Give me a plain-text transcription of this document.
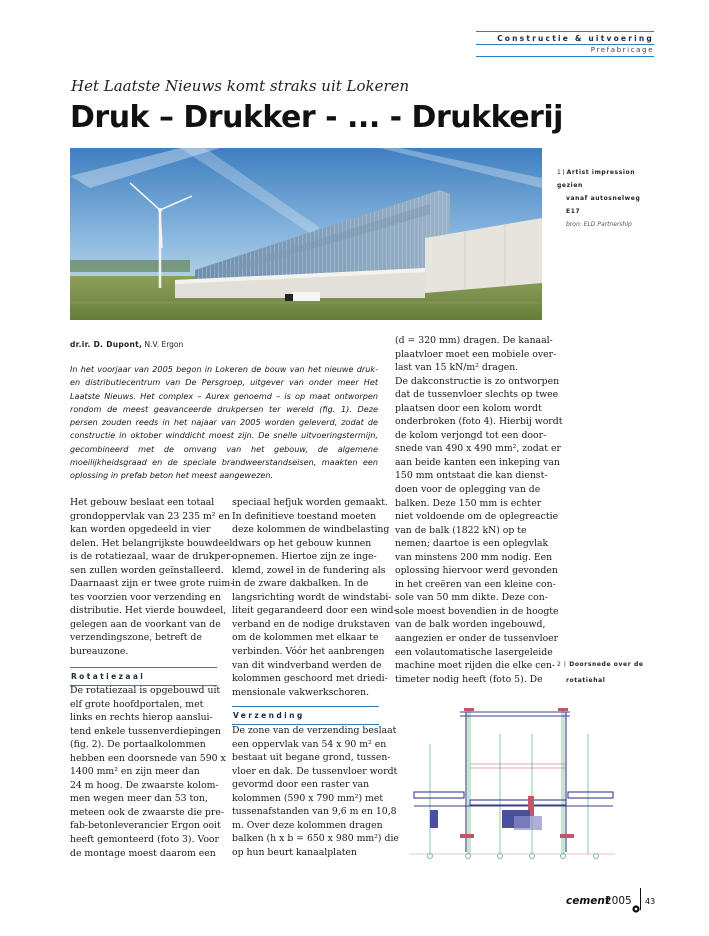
Constructie & uitvoering
Prefabricage
Het Laatste Nieuws komt straks uit Lokeren
Druk – Drukker - ... - Drukkerij
1 | Artist impression gezien
vanaf autosnelweg E17
bron: ELD Partnership
dr.ir. D. Dupont, N.V. Ergon
In het voorjaar van 2005 begon in Lokeren de bouw van het nieuwe druk- en distributiecentrum van De Persgroep, uitgever van onder meer Het Laatste Nieuws. Het complex – Aurex genoemd – is op maat ontworpen rondom de meest geavanceerde drukpersen ter wereld (fig. 1). Deze persen zouden reeds in het najaar van 2005 worden geleverd, zodat de constructie in oktober winddicht moest zijn. De snelle uitvoeringstermijn, gecombineerd met de omvang van het gebouw, de algemene moeilijkheidsgraad en de speciale brandweerstandseisen, maakten een oplossing in prefab beton het meest aangewezen.

Het gebouw beslaat een totaal

grondoppervlak van 23 235 m² en

kan worden opgedeeld in vier

delen. Het belangrijkste bouwdeel

is de rotatiezaal, waar de drukper-

sen zullen worden geïnstalleerd.

Daarnaast zijn er twee grote ruim-

tes voorzien voor verzending en

distributie. Het vierde bouwdeel,

gelegen aan de voorkant van de

verzendingszone, betreft de

bureauzone.

Rotatiezaal

De rotatiezaal is opgebouwd uit

elf grote hoofdportalen, met

links en rechts hierop aanslui-

tend enkele tussenverdiepingen

(fig. 2). De portaalkolommen

hebben een doorsnede van 590 x

1400 mm² en zijn meer dan

24 m hoog. De zwaarste kolom-

men wegen meer dan 53 ton,

meteen ook de zwaarste die pre-

fab-betonleverancier Ergon ooit

heeft gemonteerd (foto 3). Voor

de montage moest daarom een

speciaal hefjuk worden gemaakt.

In definitieve toestand moeten

deze kolommen de windbelasting

dwars op het gebouw kunnen

opnemen. Hiertoe zijn ze inge-

klemd, zowel in de fundering als

in de zware dakbalken. In de

langsrichting wordt de windstabi-

liteit gegarandeerd door een wind-

verband en de nodige drukstaven

om de kolommen met elkaar te

verbinden. Vóór het aanbrengen

van dit windverband werden de

kolommen geschoord met driedi-

mensionale vakwerkschoren.

Verzending

De zone van de verzending beslaat

een oppervlak van 54 x 90 m² en

bestaat uit begane grond, tussen-

vloer en dak. De tussenvloer wordt

gevormd door een raster van

kolommen (590 x 790 mm²) met

tussenafstanden van 9,6 m en 10,8

m. Over deze kolommen dragen

balken (h x b = 650 x 980 mm²) die

op hun beurt kanaalplaten

(d = 320 mm) dragen. De kanaal-

plaatvloer moet een mobiele over-

last van 15 kN/m² dragen.

De dakconstructie is zo ontworpen

dat de tussenvloer slechts op twee

plaatsen door een kolom wordt

onderbroken (foto 4). Hierbij wordt

de kolom verjongd tot een door-

snede van 490 x 490 mm², zodat er

aan beide kanten een inkeping van

150 mm ontstaat die kan dienst-

doen voor de oplegging van de

balken. Deze 150 mm is echter

niet voldoende om de oplegreactie

van de balk (1822 kN) op te

nemen; daartoe is een oplegvlak

van minstens 200 mm nodig. Een

oplossing hiervoor werd gevonden

in het creëren van een kleine con-

sole van 50 mm dikte. Deze con-

sole moest bovendien in de hoogte

van de balk worden ingebouwd,

aangezien er onder de tussenvloer

een volautomatische lasergeleide

machine moet rijden die elke cen-

timeter nodig heeft (foto 5). De

2 | Doorsnede over de
rotatiehal
cement
2005 43
